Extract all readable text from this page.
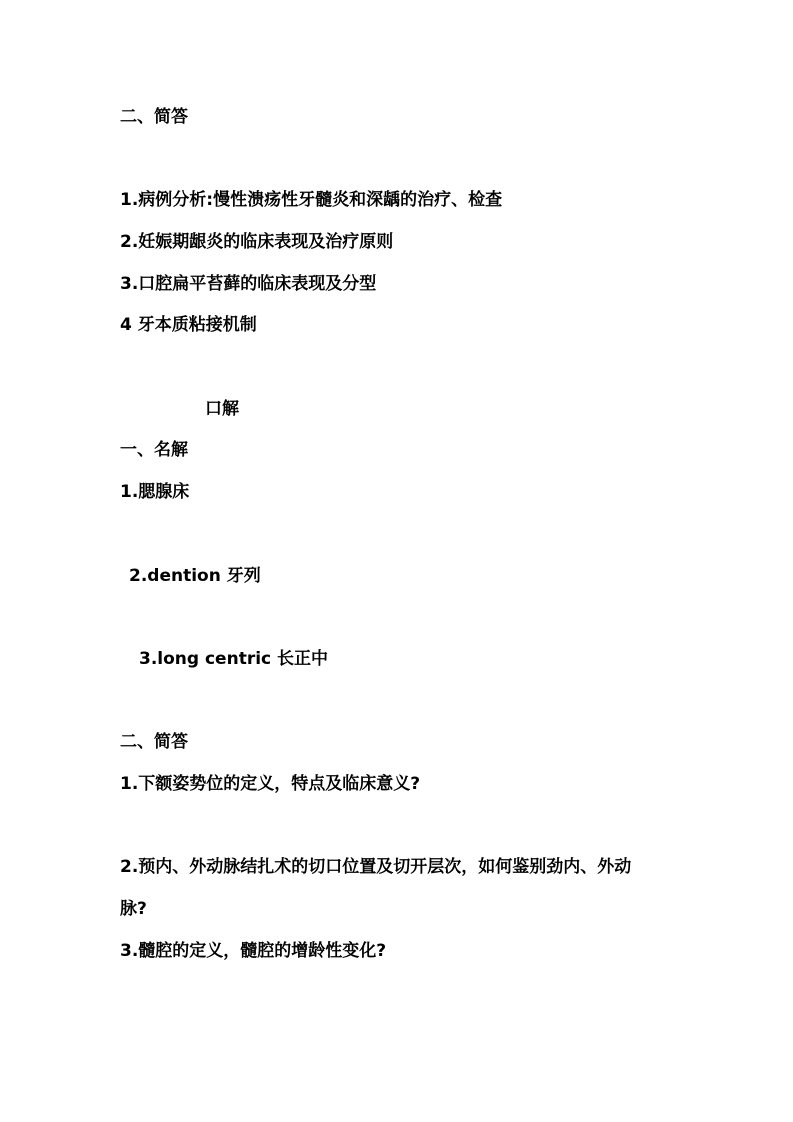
二、简答
1.病例分析:慢性溃疡性牙髓炎和深龋的治疗、检查
2.妊娠期龈炎的临床表现及治疗原则
3.口腔扁平苔藓的临床表现及分型
4 牙本质粘接机制
口解
一、名解
1.腮腺床
2.dention 牙列
3.long centric 长正中
二、简答
1.下额姿势位的定义，特点及临床意义?
2.预内、外动脉结扎术的切口位置及切开层次，如何鉴别劲内、外动
脉?
3.髓腔的定义，髓腔的增龄性变化?
